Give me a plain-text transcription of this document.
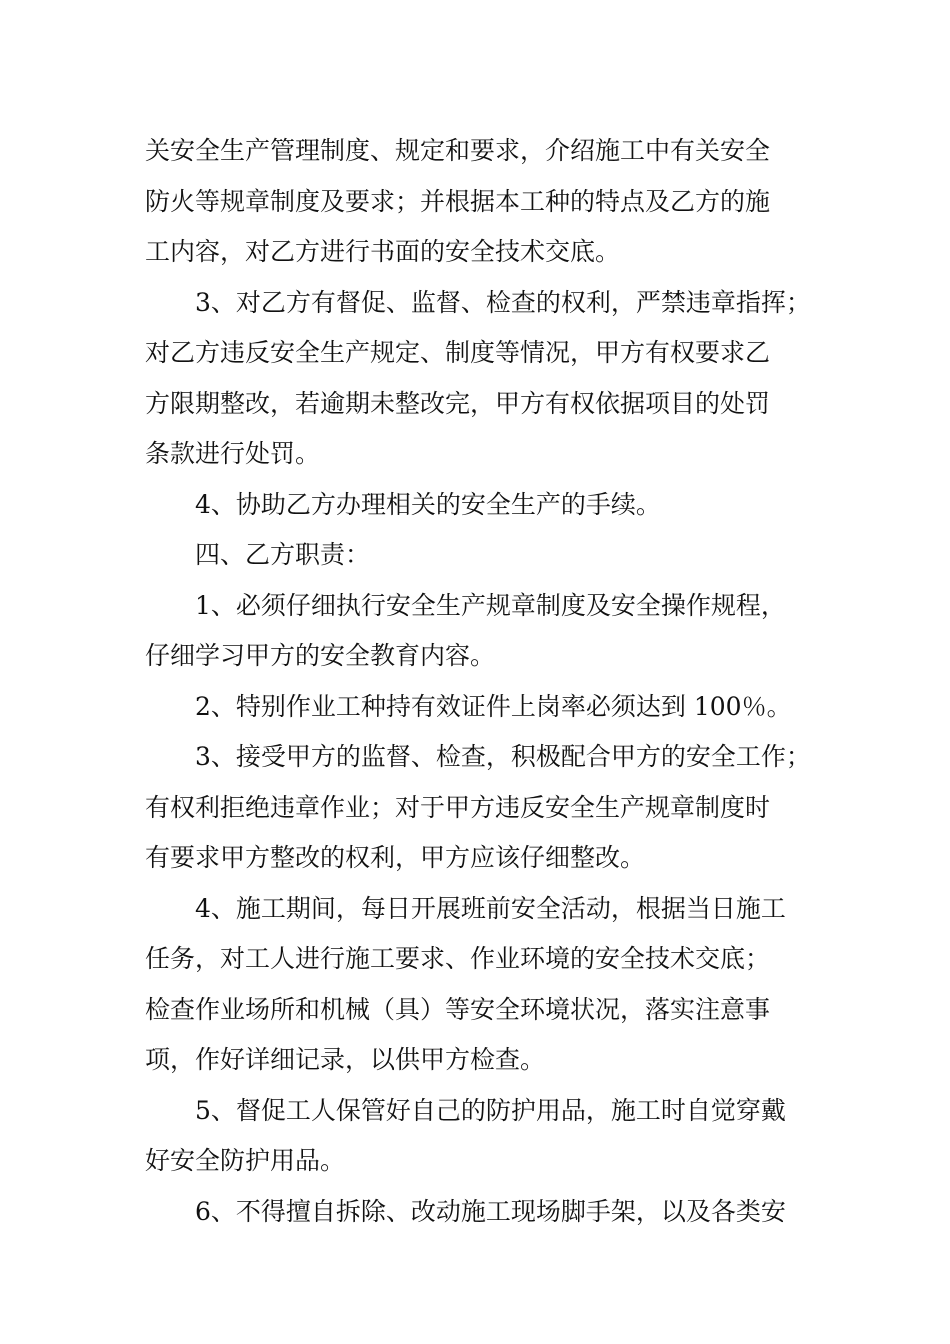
关安全生产管理制度、规定和要求，介绍施工中有关安全
防火等规章制度及要求；并根据本工种的特点及乙方的施
工内容，对乙方进行书面的安全技术交底。
3、对乙方有督促、监督、检查的权利，严禁违章指挥；
对乙方违反安全生产规定、制度等情况，甲方有权要求乙
方限期整改，若逾期未整改完，甲方有权依据项目的处罚
条款进行处罚。
4、协助乙方办理相关的安全生产的手续。
四、乙方职责：
1、必须仔细执行安全生产规章制度及安全操作规程，
仔细学习甲方的安全教育内容。
2、特别作业工种持有效证件上岗率必须达到 100％。
3、接受甲方的监督、检查，积极配合甲方的安全工作；
有权利拒绝违章作业；对于甲方违反安全生产规章制度时
有要求甲方整改的权利，甲方应该仔细整改。
4、施工期间，每日开展班前安全活动，根据当日施工
任务，对工人进行施工要求、作业环境的安全技术交底；
检查作业场所和机械（具）等安全环境状况，落实注意事
项，作好详细记录，以供甲方检查。
5、督促工人保管好自己的防护用品，施工时自觉穿戴
好安全防护用品。
6、不得擅自拆除、改动施工现场脚手架，以及各类安
